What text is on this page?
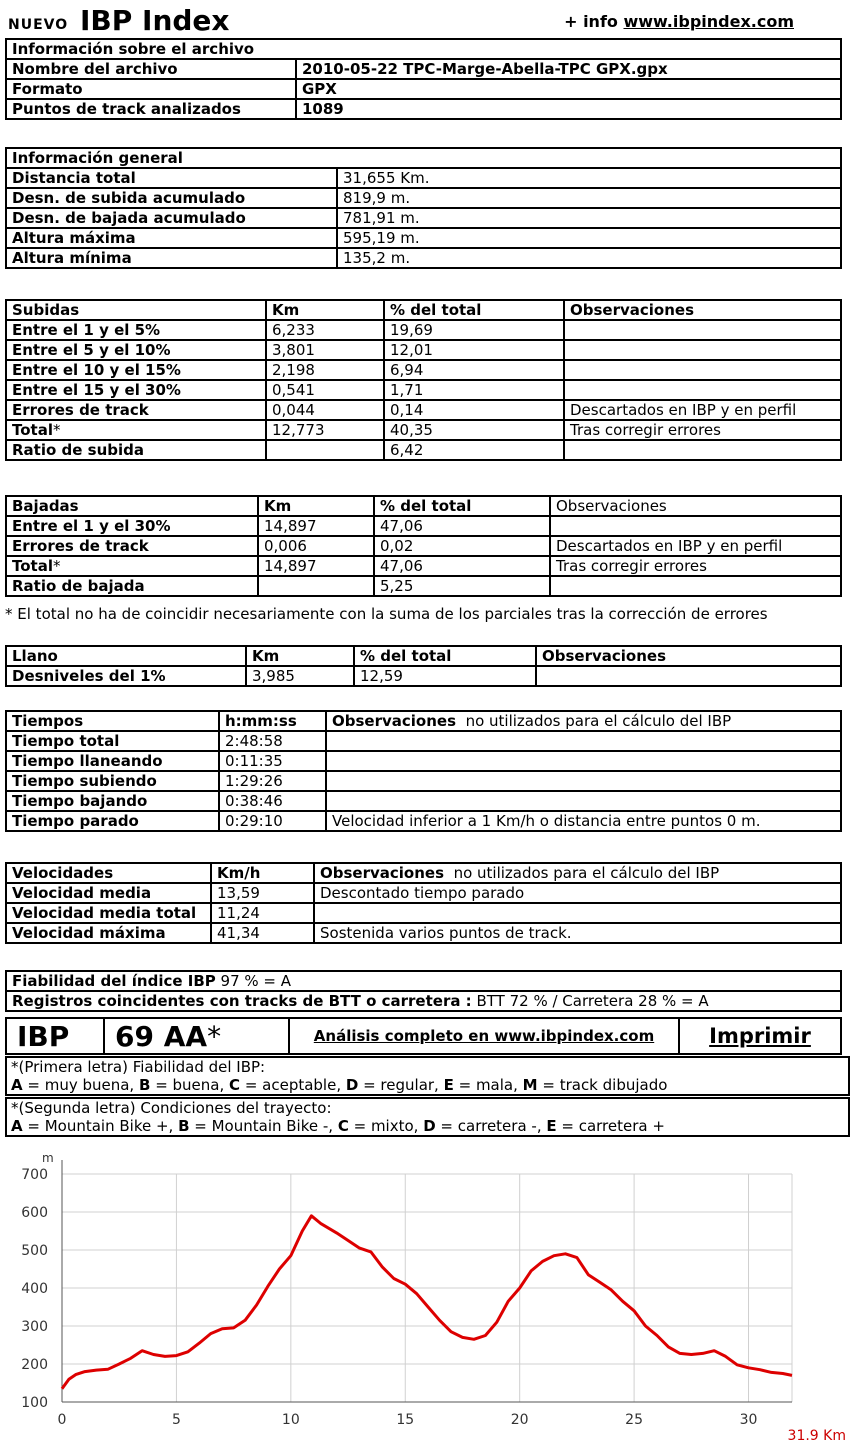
NUEVO IBP Index	+ info www.ibpindex.com
Información sobre el archivo	
Nombre del archivo	2010-05-22 TPC-Marge-Abella-TPC GPX.gpx
Formato	GPX
Puntos de track analizados	1089
Información general	
Distancia total	31,655 Km.
Desn. de subida acumulado	819,9 m.
Desn. de bajada acumulado	781,91 m.
Altura máxima	595,19 m.
Altura mínima	135,2 m.
Subidas	Km	% del total	Observaciones
Entre el 1 y el 5%	6,233	19,69	
Entre el 5 y el 10%	3,801	12,01	
Entre el 10 y el 15%	2,198	6,94	
Entre el 15 y el 30%	0,541	1,71	
Errores de track	0,044	0,14	Descartados en IBP y en perfil
Total*	12,773	40,35	Tras corregir errores
Ratio de subida		6,42	
Bajadas	Km	% del total	Observaciones
Entre el 1 y el 30%	14,897	47,06	
Errores de track	0,006	0,02	Descartados en IBP y en perfil
Total*	14,897	47,06	Tras corregir errores
Ratio de bajada		5,25	
* El total no ha de coincidir necesariamente con la suma de los parciales tras la corrección de errores
Llano	Km	% del total	Observaciones
Desniveles del 1%	3,985	12,59	
Tiempos	h:mm:ss	Observaciones no utilizados para el cálculo del IBP
Tiempo total	2:48:58	
Tiempo llaneando	0:11:35	
Tiempo subiendo	1:29:26	
Tiempo bajando	0:38:46	
Tiempo parado	0:29:10	Velocidad inferior a 1 Km/h o distancia entre puntos 0 m.
Velocidades	Km/h	Observaciones no utilizados para el cálculo del IBP
Velocidad media	13,59	Descontado tiempo parado
Velocidad media total	11,24	
Velocidad máxima	41,34	Sostenida varios puntos de track.
Fiabilidad del índice IBP 97 % = A
Registros coincidentes con tracks de BTT o carretera : BTT 72 % / Carretera 28 % = A
IBP	69 AA*	Análisis completo en www.ibpindex.com	Imprimir
*(Primera letra) Fiabilidad del IBP:
A = muy buena, B = buena, C = aceptable, D = regular, E = mala, M = track dibujado
*(Segunda letra) Condiciones del trayecto:
A = Mountain Bike +, B = Mountain Bike -, C = mixto, D = carretera -, E = carretera +
100
200
300
400
500
600
700
0	5	10	15	20	25	30
m
31.9 Km
